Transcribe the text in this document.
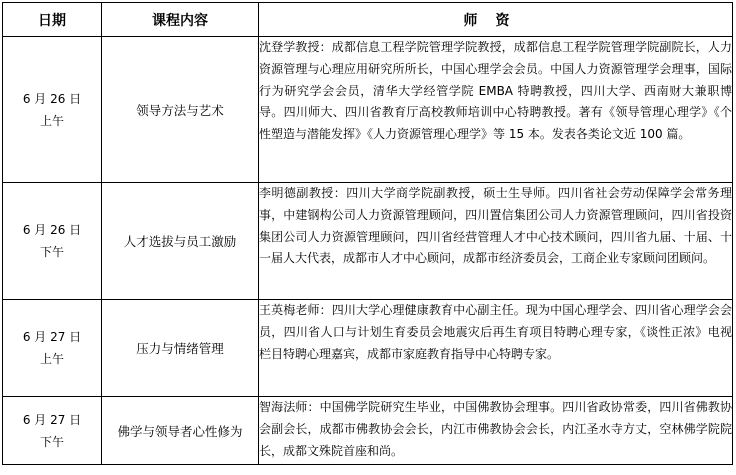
日期	课程内容	师资

6 月 26 日
上午	领导方法与艺术	沈登学教授：成都信息工程学院管理学院教授，成都信息工程学院管理学院副院长，人力资源管理与心理应用研究所所长，中国心理学会会员。中国人力资源管理学会理事，国际行为研究学会会员，清华大学经管学院 EMBA 特聘教授，四川大学、西南财大兼职博导。四川师大、四川省教育厅高校教师培训中心特聘教授。著有《领导管理心理学》《个性塑造与潜能发挥》《人力资源管理心理学》等 15 本。发表各类论文近 100 篇。

6 月 26 日
下午	人才选拔与员工激励	李明德副教授：四川大学商学院副教授，硕士生导师。四川省社会劳动保障学会常务理事，中建钢构公司人力资源管理顾问，四川置信集团公司人力资源管理顾问，四川省投资集团公司人力资源管理顾问，四川省经营管理人才中心技术顾问，四川省九届、十届、十一届人大代表，成都市人才中心顾问，成都市经济委员会，工商企业专家顾问团顾问。

6 月 27 日
上午	压力与情绪管理	王英梅老师：四川大学心理健康教育中心副主任。现为中国心理学会、四川省心理学会会员，四川省人口与计划生育委员会地震灾后再生育项目特聘心理专家，《谈性正浓》电视栏目特聘心理嘉宾，成都市家庭教育指导中心特聘专家。

6 月 27 日
下午	佛学与领导者心性修为	智海法师：中国佛学院研究生毕业，中国佛教协会理事。四川省政协常委，四川省佛教协会副会长，成都市佛教协会会长，内江市佛教协会会长，内江圣水寺方丈，空林佛学院院长，成都文殊院首座和尚。
